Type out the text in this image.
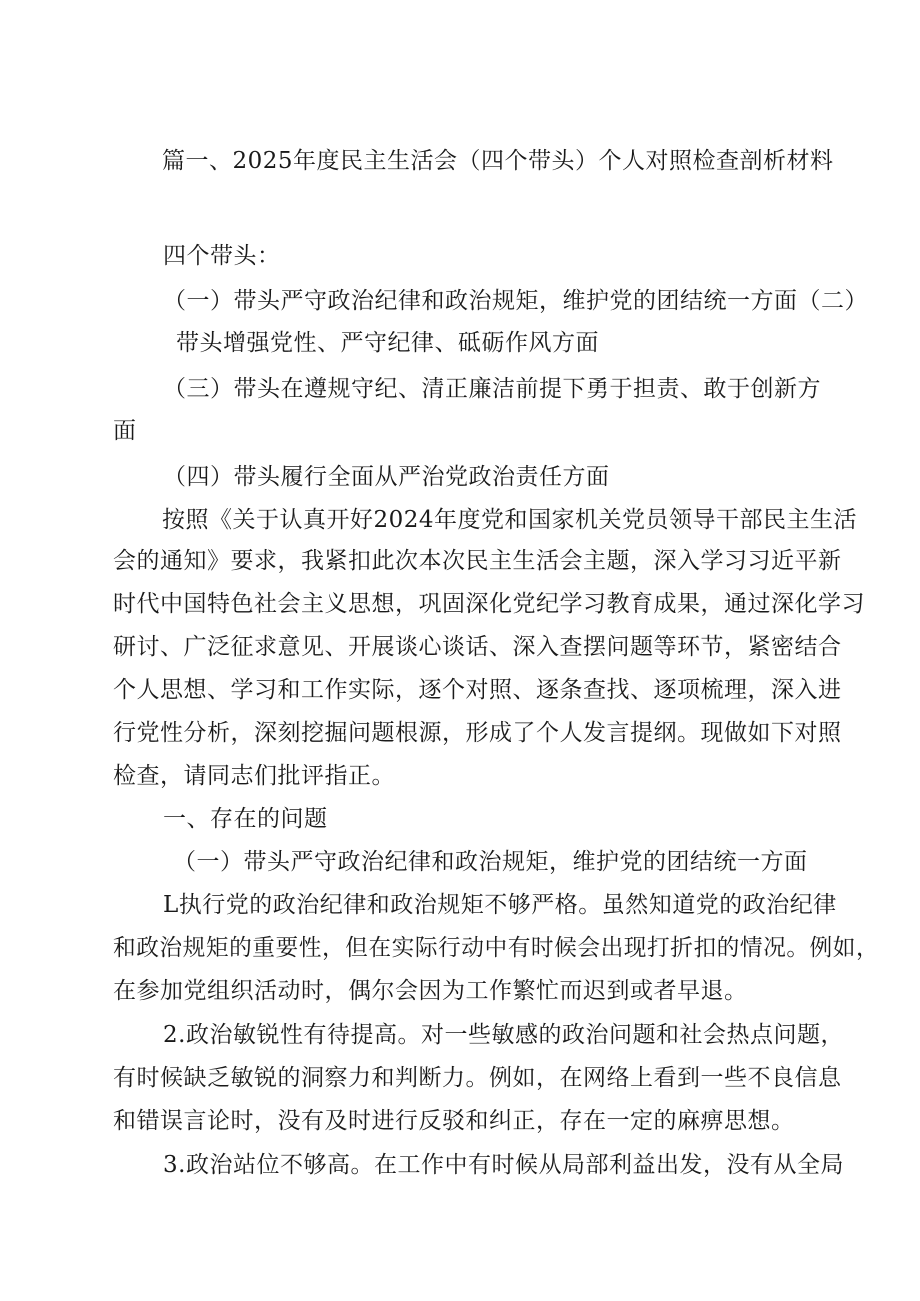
篇一、2025年度民主生活会（四个带头）个人对照检查剖析材料
四个带头：
（一）带头严守政治纪律和政治规矩，维护党的团结统一方面（二）
带头增强党性、严守纪律、砥砺作风方面
（三）带头在遵规守纪、清正廉洁前提下勇于担责、敢于创新方
面
（四）带头履行全面从严治党政治责任方面
按照《关于认真开好2024年度党和国家机关党员领导干部民主生活
会的通知》要求，我紧扣此次本次民主生活会主题，深入学习习近平新
时代中国特色社会主义思想，巩固深化党纪学习教育成果，通过深化学习
研讨、广泛征求意见、开展谈心谈话、深入查摆问题等环节，紧密结合
个人思想、学习和工作实际，逐个对照、逐条查找、逐项梳理，深入进
行党性分析，深刻挖掘问题根源，形成了个人发言提纲。现做如下对照
检查，请同志们批评指正。
一、存在的问题
（一）带头严守政治纪律和政治规矩，维护党的团结统一方面
L执行党的政治纪律和政治规矩不够严格。虽然知道党的政治纪律
和政治规矩的重要性，但在实际行动中有时候会出现打折扣的情况。例如，
在参加党组织活动时，偶尔会因为工作繁忙而迟到或者早退。
2.政治敏锐性有待提高。对一些敏感的政治问题和社会热点问题，
有时候缺乏敏锐的洞察力和判断力。例如，在网络上看到一些不良信息
和错误言论时，没有及时进行反驳和纠正，存在一定的麻痹思想。
3.政治站位不够高。在工作中有时候从局部利益出发，没有从全局
